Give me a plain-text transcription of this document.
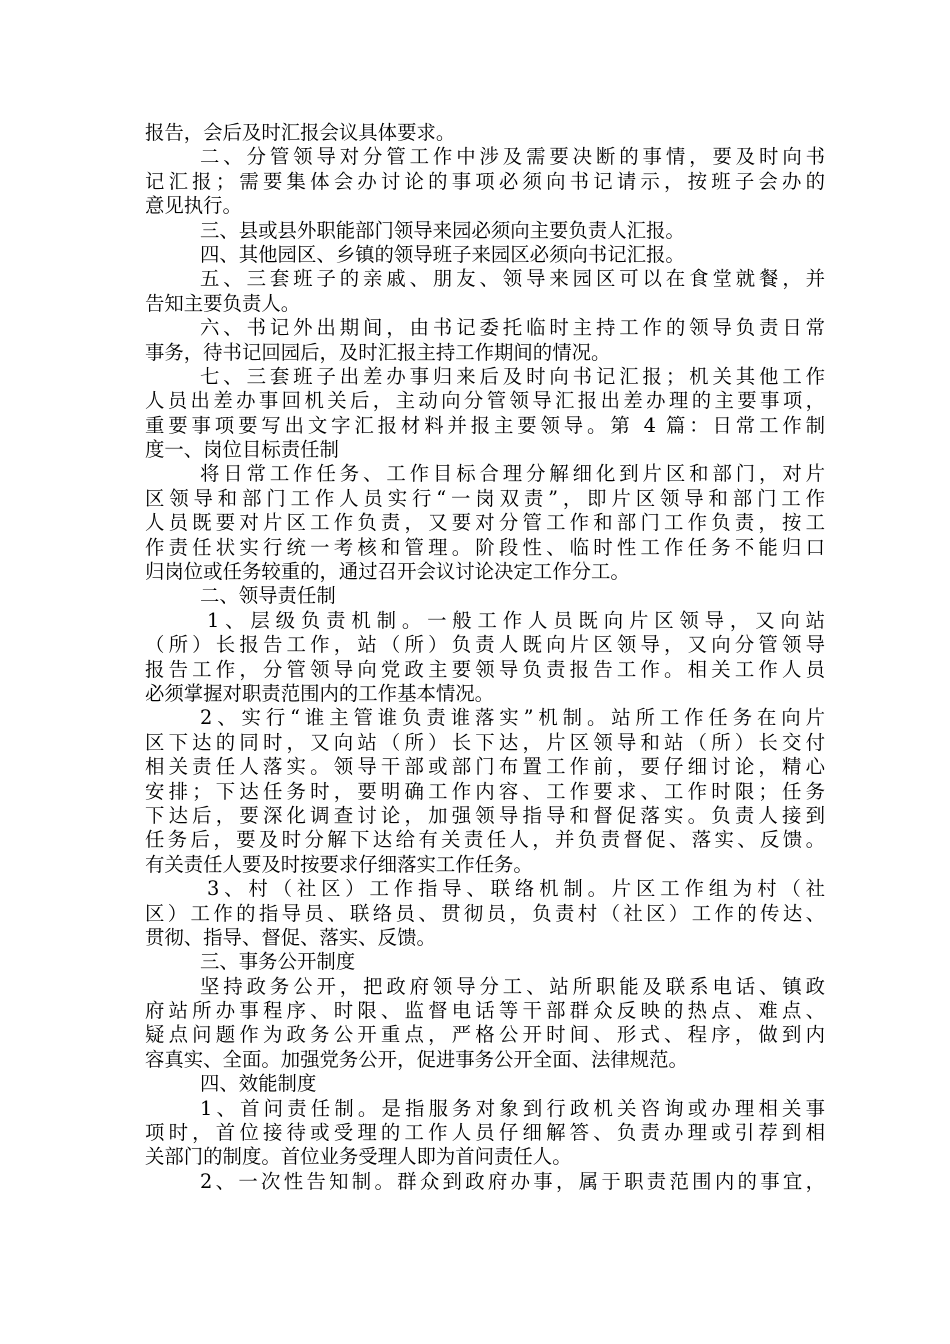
报告，会后及时汇报会议具体要求。
二、分管领导对分管工作中涉及需要决断的事情，要及时向书
记汇报；需要集体会办讨论的事项必须向书记请示，按班子会办的
意见执行。
三、县或县外职能部门领导来园必须向主要负责人汇报。
四、其他园区、乡镇的领导班子来园区必须向书记汇报。
五、三套班子的亲戚、朋友、领导来园区可以在食堂就餐，并
告知主要负责人。
六、书记外出期间，由书记委托临时主持工作的领导负责日常
事务，待书记回园后，及时汇报主持工作期间的情况。
七、三套班子出差办事归来后及时向书记汇报；机关其他工作
人员出差办事回机关后，主动向分管领导汇报出差办理的主要事项，
重要事项要写出文字汇报材料并报主要领导。第 4 篇：日常工作制
度一、岗位目标责任制
将日常工作任务、工作目标合理分解细化到片区和部门，对片
区领导和部门工作人员实行“一岗双责”，即片区领导和部门工作
人员既要对片区工作负责，又要对分管工作和部门工作负责，按工
作责任状实行统一考核和管理。阶段性、临时性工作任务不能归口
归岗位或任务较重的，通过召开会议讨论决定工作分工。
二、领导责任制
1、层级负责机制。一般工作人员既向片区领导，又向站
（所）长报告工作，站（所）负责人既向片区领导，又向分管领导
报告工作，分管领导向党政主要领导负责报告工作。相关工作人员
必须掌握对职责范围内的工作基本情况。
2、实行“谁主管谁负责谁落实”机制。站所工作任务在向片
区下达的同时，又向站（所）长下达，片区领导和站（所）长交付
相关责任人落实。领导干部或部门布置工作前，要仔细讨论，精心
安排；下达任务时，要明确工作内容、工作要求、工作时限；任务
下达后，要深化调查讨论，加强领导指导和督促落实。负责人接到
任务后，要及时分解下达给有关责任人，并负责督促、落实、反馈。
有关责任人要及时按要求仔细落实工作任务。
3、村（社区）工作指导、联络机制。片区工作组为村（社
区）工作的指导员、联络员、贯彻员，负责村（社区）工作的传达、
贯彻、指导、督促、落实、反馈。
三、事务公开制度
坚持政务公开，把政府领导分工、站所职能及联系电话、镇政
府站所办事程序、时限、监督电话等干部群众反映的热点、难点、
疑点问题作为政务公开重点，严格公开时间、形式、程序，做到内
容真实、全面。加强党务公开，促进事务公开全面、法律规范。
四、效能制度
1、首问责任制。是指服务对象到行政机关咨询或办理相关事
项时，首位接待或受理的工作人员仔细解答、负责办理或引荐到相
关部门的制度。首位业务受理人即为首问责任人。
2、一次性告知制。群众到政府办事，属于职责范围内的事宜，
